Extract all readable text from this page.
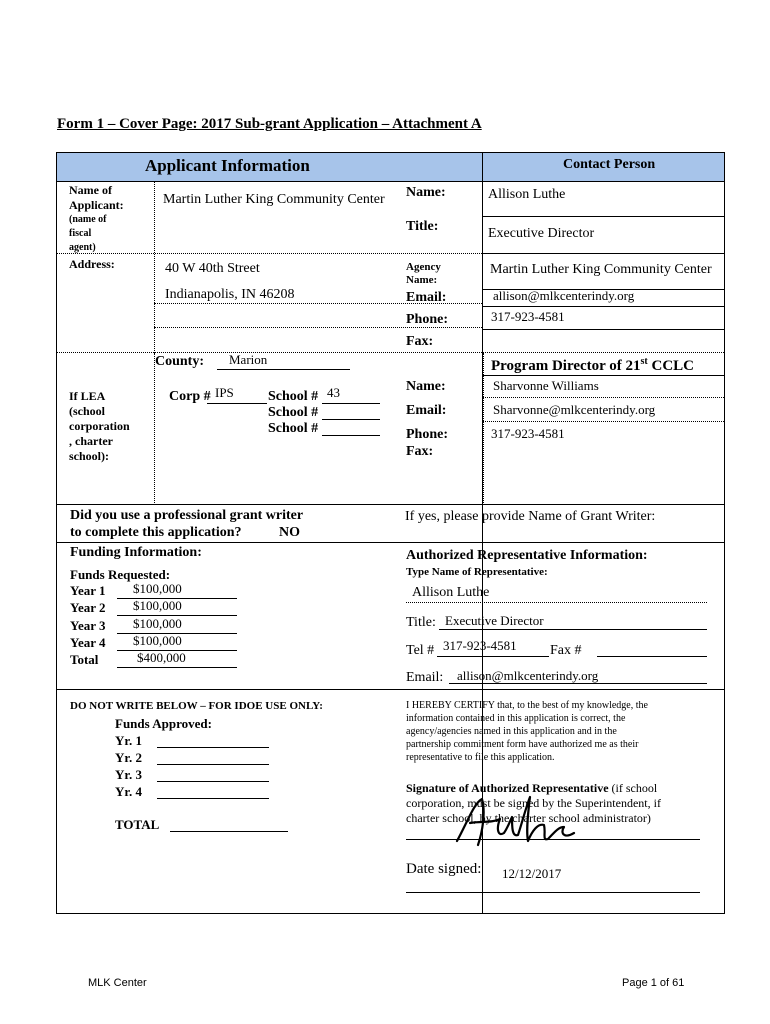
Form 1 – Cover Page: 2017 Sub-grant Application – Attachment A
Applicant Information	Contact Person
Name of
Applicant:
(name of
fiscal
agent)
Martin Luther King Community Center
Address:	40 W 40th Street
Indianapolis, IN 46208
County: Marion
If LEA
(school
corporation
, charter
school):
Corp # IPS School # 43
School #
School #
Name:	Allison Luthe
Title:	Executive Director
Agency
Name:
Martin Luther King Community Center
Email:	allison@mlkcenterindy.org
Phone:	317-923-4581
Fax:
Program Director of 21st CCLC
Name:	Sharvonne Williams
Email:	Sharvonne@mlkcenterindy.org
Phone:	317-923-4581
Fax:
Did you use a professional grant writer
to complete this application?	NO
If yes, please provide Name of Grant Writer:
Funding Information:
Funds Requested:
Year 1 $100,000
Year 2 $100,000
Year 3 $100,000
Year 4 $100,000
Total	$400,000
DO NOT WRITE BELOW – FOR IDOE USE ONLY:
Funds Approved:
Yr. 1
Yr. 2
Yr. 3
Yr. 4
TOTAL
Authorized Representative Information:
Type Name of Representative:
Allison Luthe
Title: Executive Director
Tel # 317-923-4581 Fax #
Email: allison@mlkcenterindy.org
I HEREBY CERTIFY that, to the best of my knowledge, the
information contained in this application is correct, the
agency/agencies named in this application and in the
partnership commitment form have authorized me as their
representative to file this application.
Signature of Authorized Representative (if school
corporation, must be signed by the Superintendent, if
charter school, by the charter school administrator)
Date signed: 12/12/2017
MLK Center	Page 1 of 61
